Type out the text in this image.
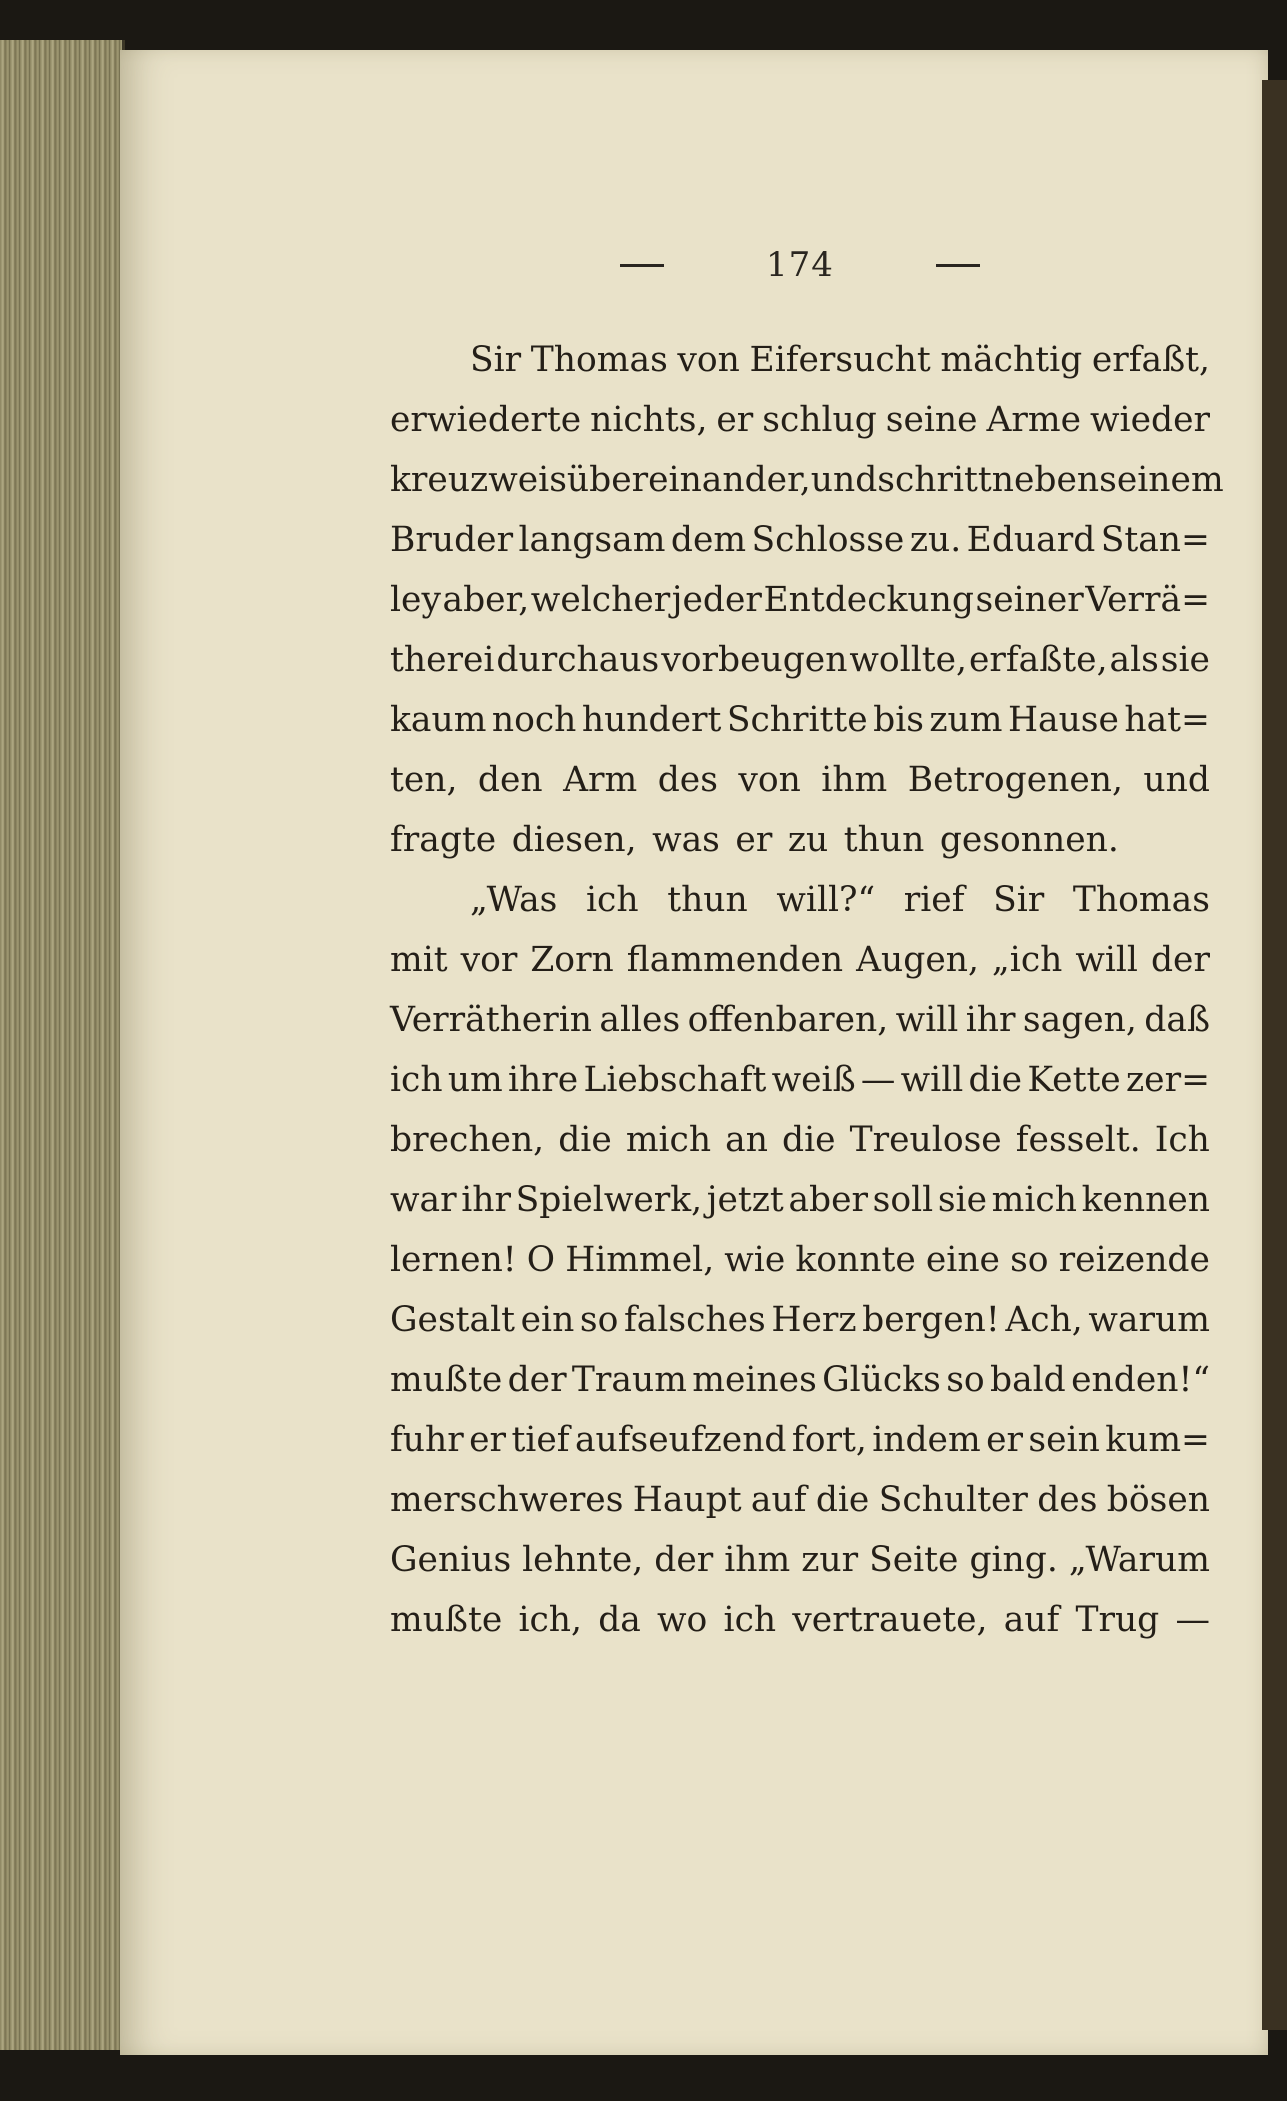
174
Sir Thomas von Eifersucht mächtig erfaßt,
erwiederte nichts, er schlug seine Arme wieder
kreuzweis übereinander, und schritt neben seinem
Bruder langsam dem Schlosse zu. Eduard Stan=
ley aber, welcher jeder Entdeckung seiner Verrä=
therei durchaus vorbeugen wollte, erfaßte, als sie
kaum noch hundert Schritte bis zum Hause hat=
ten, den Arm des von ihm Betrogenen, und
fragte diesen, was er zu thun gesonnen.
„Was ich thun will?“ rief Sir Thomas
mit vor Zorn flammenden Augen, „ich will der
Verrätherin alles offenbaren, will ihr sagen, daß
ich um ihre Liebschaft weiß — will die Kette zer=
brechen, die mich an die Treulose fesselt. Ich
war ihr Spielwerk, jetzt aber soll sie mich kennen
lernen! O Himmel, wie konnte eine so reizende
Gestalt ein so falsches Herz bergen! Ach, warum
mußte der Traum meines Glücks so bald enden!“
fuhr er tief aufseufzend fort, indem er sein kum=
merschweres Haupt auf die Schulter des bösen
Genius lehnte, der ihm zur Seite ging. „Warum
mußte ich, da wo ich vertrauete, auf Trug —
